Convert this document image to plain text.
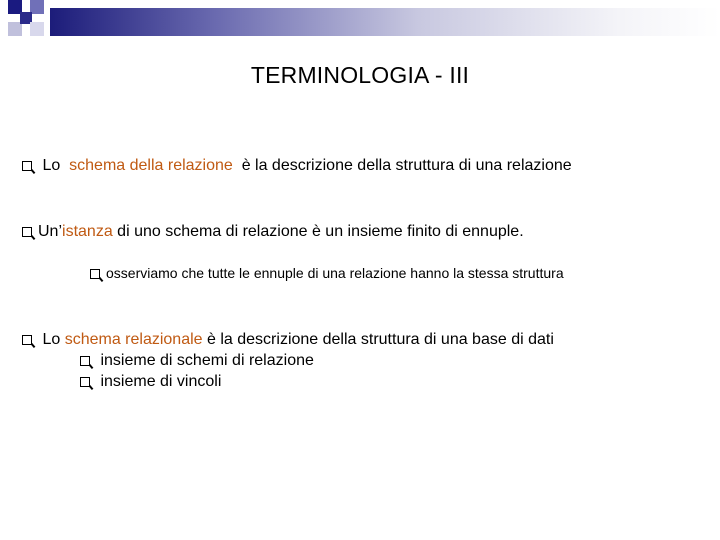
TERMINOLOGIA - III
Lo schema della relazione è la descrizione della struttura di una relazione
Un’istanza di uno schema di relazione è un insieme finito di ennuple.
osserviamo che tutte le ennuple di una relazione hanno la stessa struttura
Lo schema relazionale è la descrizione della struttura di una base di dati
insieme di schemi di relazione
insieme di vincoli
